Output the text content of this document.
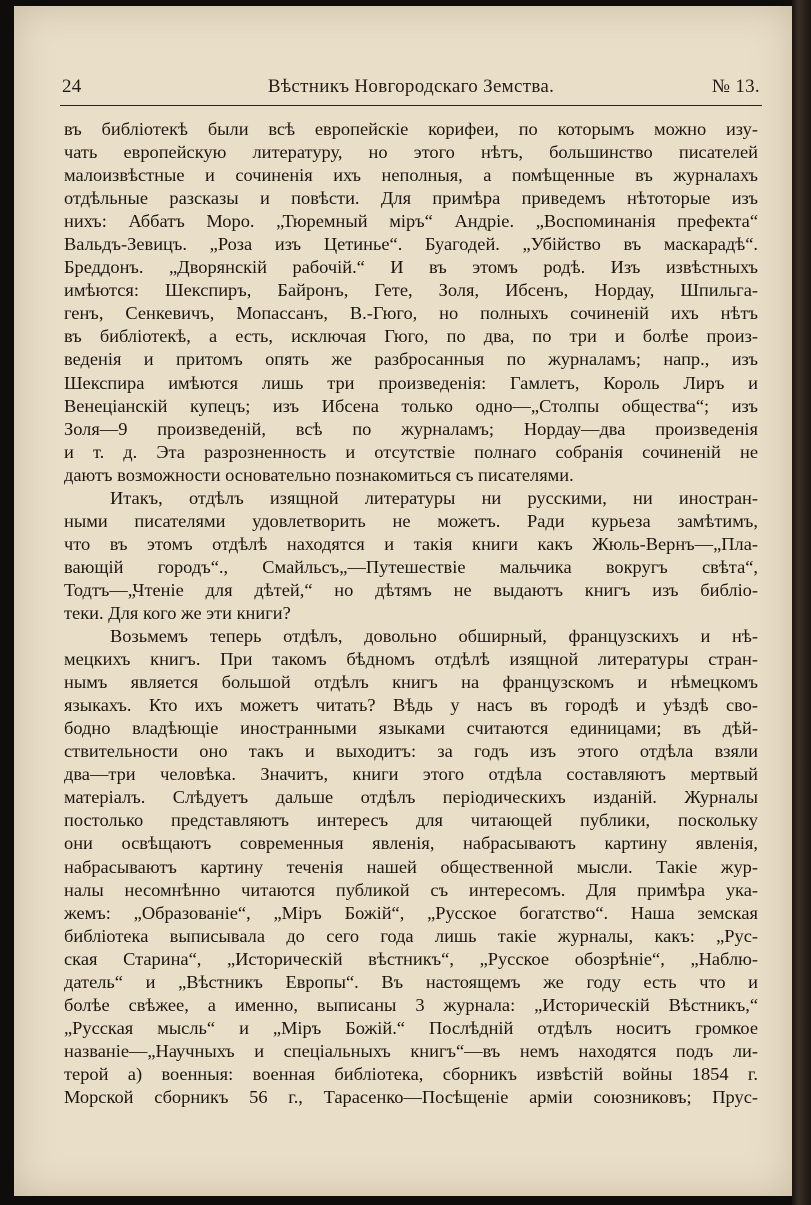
24	Вѣстникъ Новгородскаго Земства.	№ 13.
въ библіотекѣ были всѣ европейскіе корифеи, по которымъ можно изу-
чать европейскую литературу, но этого нѣтъ, большинство писателей
малоизвѣстные и сочиненія ихъ неполныя, а помѣщенные въ журналахъ
отдѣльные разсказы и повѣсти. Для примѣра приведемъ нѣтоторые изъ
нихъ: Аббатъ Моро. „Тюремный міръ“ Андріе. „Воспоминанія префекта“
Вальдъ-Зевицъ. „Роза изъ Цетинье“. Буагодей. „Убійство въ маскарадѣ“.
Бреддонъ. „Дворянскій рабочій.“ И въ этомъ родѣ. Изъ извѣстныхъ
имѣются: Шекспиръ, Байронъ, Гете, Золя, Ибсенъ, Нордау, Шпильга-
генъ, Сенкевичъ, Мопассанъ, В.-Гюго, но полныхъ сочиненій ихъ нѣтъ
въ библіотекѣ, а есть, исключая Гюго, по два, по три и болѣе произ-
веденія и притомъ опять же разбросанныя по журналамъ; напр., изъ
Шекспира имѣются лишь три произведенія: Гамлетъ, Король Лиръ и
Венеціанскій купецъ; изъ Ибсена только одно—„Столпы общества“; изъ
Золя—9 произведеній, всѣ по журналамъ; Нордау—два произведенія
и т. д. Эта разрозненность и отсутствіе полнаго собранія сочиненій не
даютъ возможности основательно познакомиться съ писателями.
Итакъ, отдѣлъ изящной литературы ни русскими, ни иностран-
ными писателями удовлетворить не можетъ. Ради курьеза замѣтимъ,
что въ этомъ отдѣлѣ находятся и такія книги какъ Жюль-Вернъ—„Пла-
вающій городъ“., Смайльсъ„—Путешествіе мальчика вокругъ свѣта“,
Тодтъ—„Чтеніе для дѣтей,“ но дѣтямъ не выдаютъ книгъ изъ библіо-
теки. Для кого же эти книги?
Возьмемъ теперь отдѣлъ, довольно обширный, французскихъ и нѣ-
мецкихъ книгъ. При такомъ бѣдномъ отдѣлѣ изящной литературы стран-
нымъ является большой отдѣлъ книгъ на французскомъ и нѣмецкомъ
языкахъ. Кто ихъ можетъ читать? Вѣдь у насъ въ городѣ и уѣздѣ сво-
бодно владѣющіе иностранными языками считаются единицами; въ дѣй-
ствительности оно такъ и выходитъ: за годъ изъ этого отдѣла взяли
два—три человѣка. Значитъ, книги этого отдѣла составляютъ мертвый
матеріалъ. Слѣдуетъ дальше отдѣлъ періодическихъ изданій. Журналы
постолько представляютъ интересъ для читающей публики, поскольку
они освѣщаютъ современныя явленія, набрасываютъ картину явленія,
набрасываютъ картину теченія нашей общественной мысли. Такіе жур-
налы несомнѣнно читаются публикой съ интересомъ. Для примѣра ука-
жемъ: „Образованіе“, „Міръ Божій“, „Русское богатство“. Наша земская
библіотека выписывала до сего года лишь такіе журналы, какъ: „Рус-
ская Старина“, „Историческій вѣстникъ“, „Русское обозрѣніе“, „Наблю-
датель“ и „Вѣстникъ Европы“. Въ настоящемъ же году есть что и
болѣе свѣжее, а именно, выписаны 3 журнала: „Историческій Вѣстникъ,“
„Русская мысль“ и „Міръ Божій.“ Послѣдній отдѣлъ носитъ громкое
названіе—„Научныхъ и спеціальныхъ книгъ“—въ немъ находятся подъ ли-
терой а) военныя: военная библіотека, сборникъ извѣстій войны 1854 г.
Морской сборникъ 56 г., Тарасенко—Посѣщеніе арміи союзниковъ; Прус-
